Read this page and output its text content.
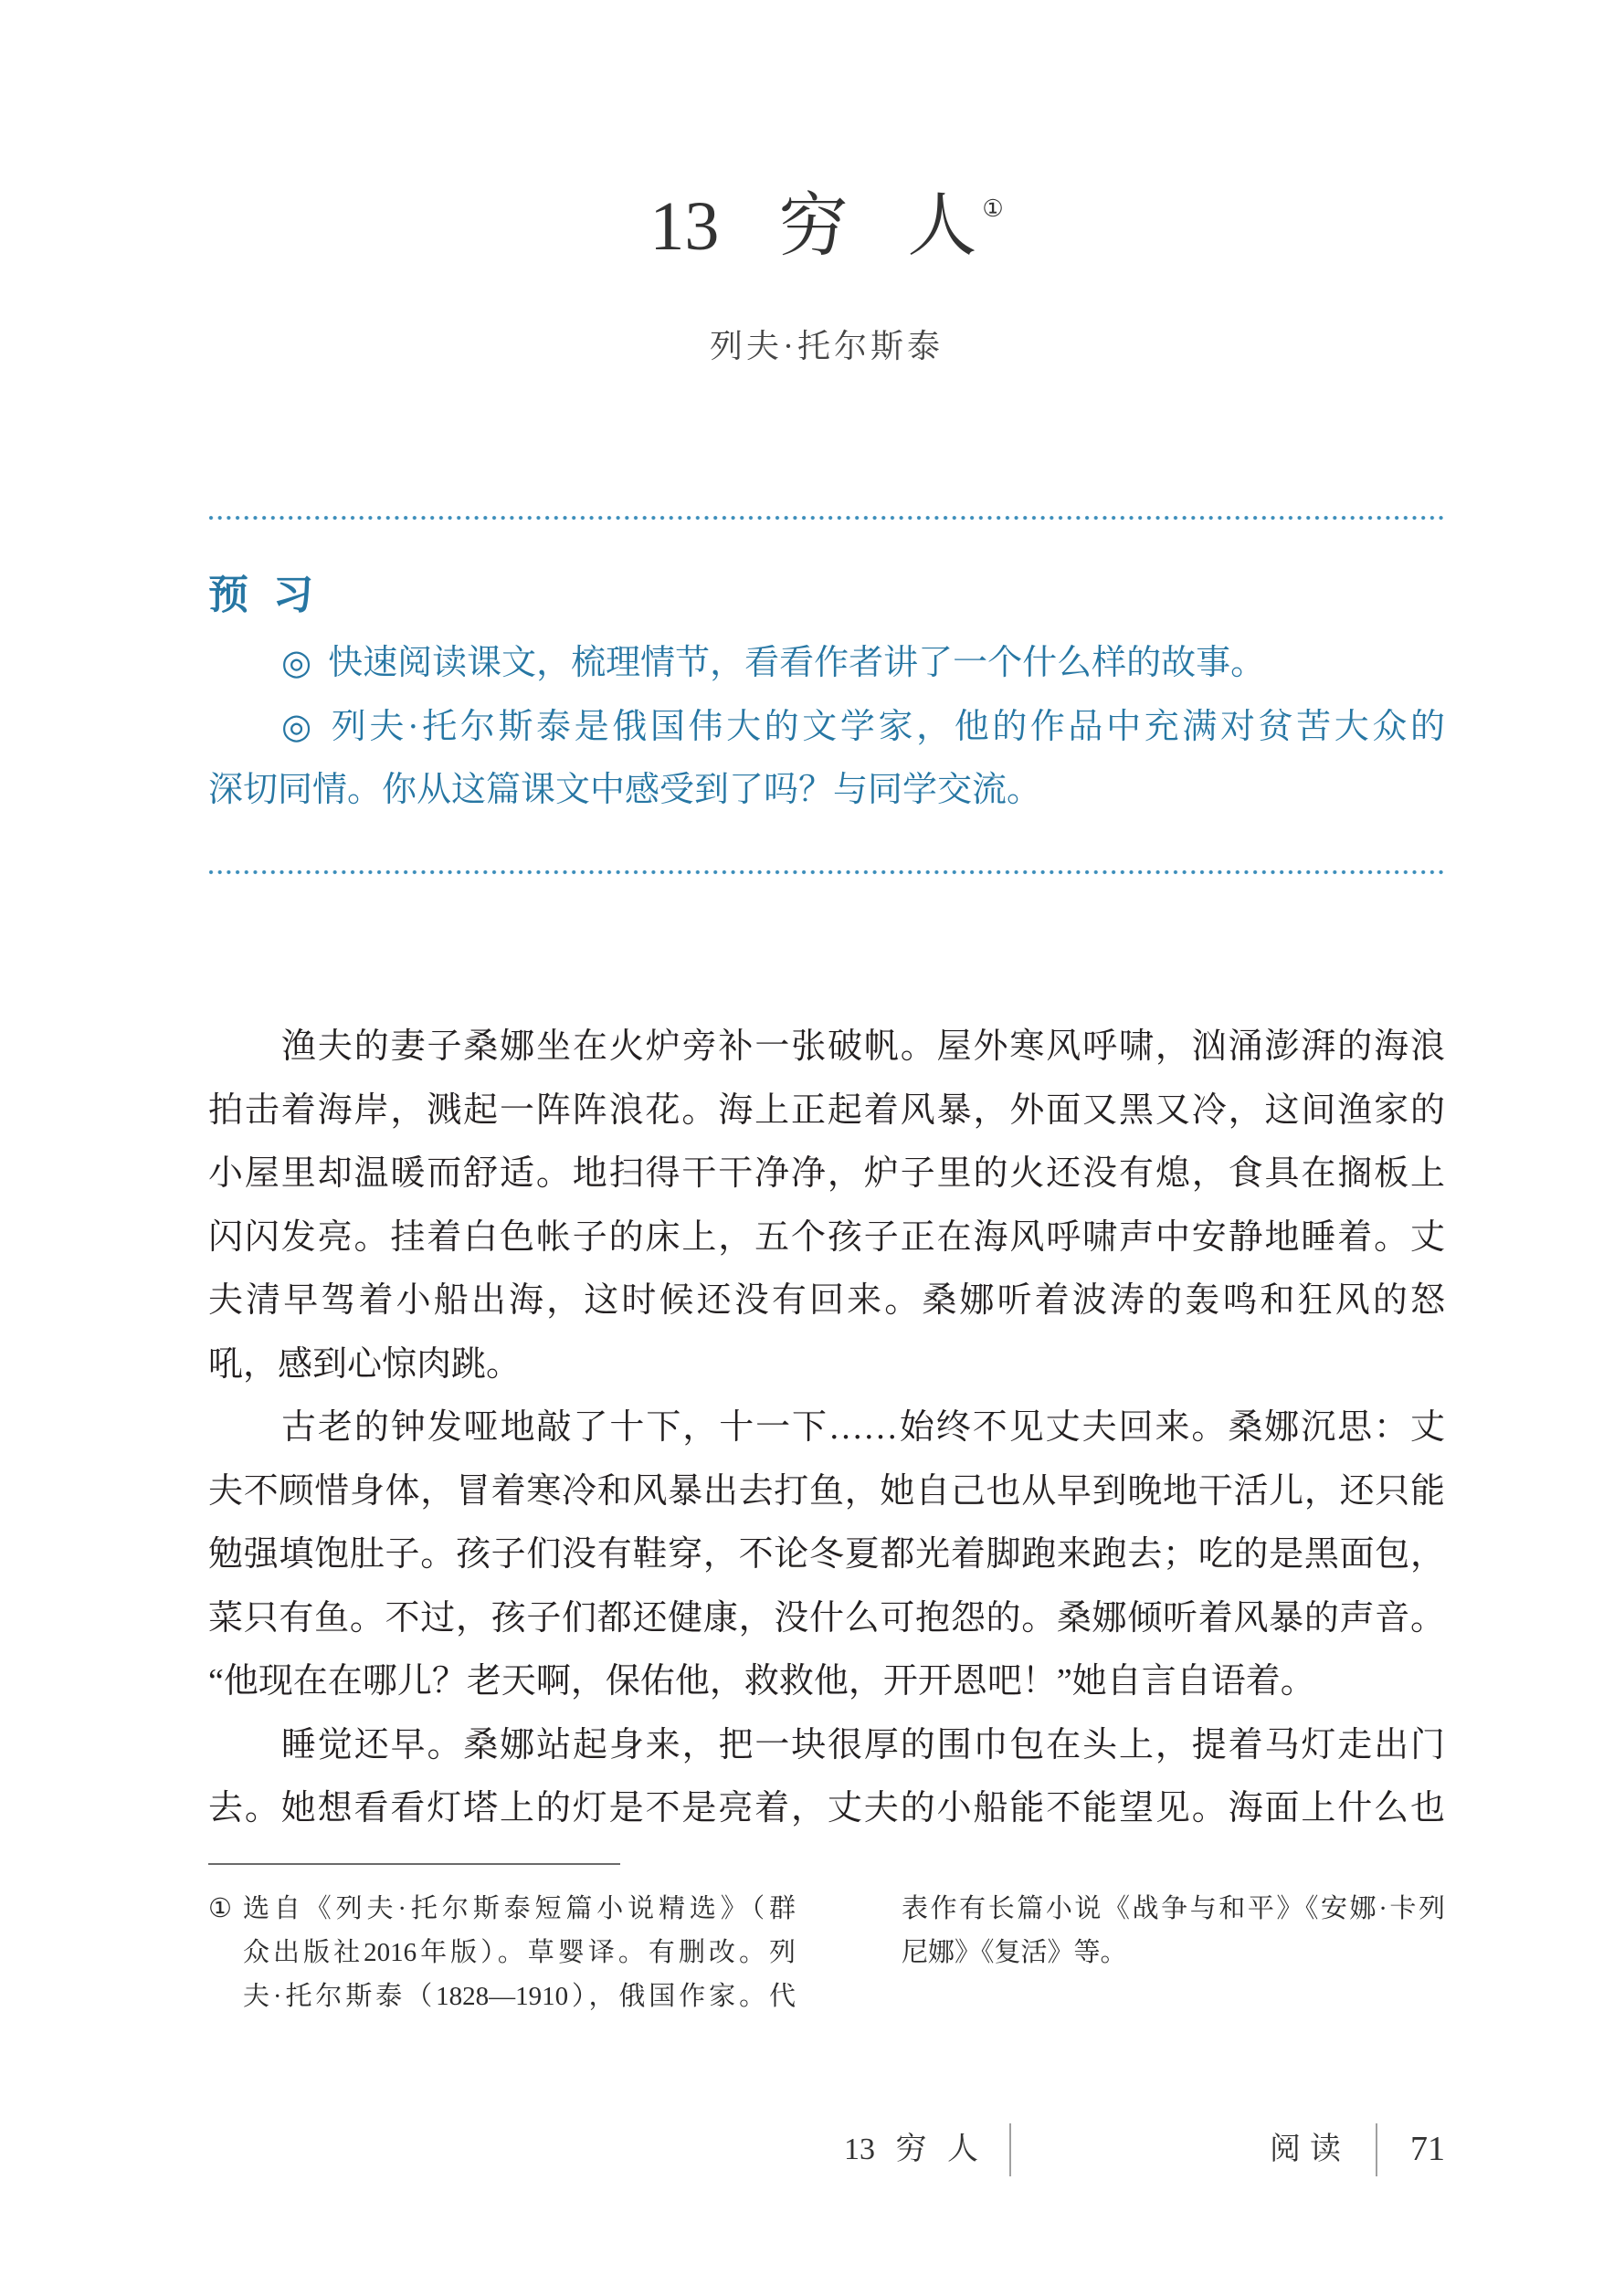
13 穷 人 ①
列夫·托尔斯泰
预 习
◎ 快速阅读课文，梳理情节，看看作者讲了一个什么样的故事。
◎ 列夫·托尔斯泰是俄国伟大的文学家，他的作品中充满对贫苦大众的
深切同情。你从这篇课文中感受到了吗？与同学交流。
渔夫的妻子桑娜坐在火炉旁补一张破帆。屋外寒风呼啸，汹涌澎湃的海浪
拍击着海岸，溅起一阵阵浪花。海上正起着风暴，外面又黑又冷，这间渔家的
小屋里却温暖而舒适。地扫得干干净净，炉子里的火还没有熄，食具在搁板上
闪闪发亮。挂着白色帐子的床上，五个孩子正在海风呼啸声中安静地睡着。丈
夫清早驾着小船出海，这时候还没有回来。桑娜听着波涛的轰鸣和狂风的怒
吼，感到心惊肉跳。
古老的钟发哑地敲了十下，十一下……始终不见丈夫回来。桑娜沉思：丈
夫不顾惜身体，冒着寒冷和风暴出去打鱼，她自己也从早到晚地干活儿，还只能
勉强填饱肚子。孩子们没有鞋穿，不论冬夏都光着脚跑来跑去；吃的是黑面包，
菜只有鱼。不过，孩子们都还健康，没什么可抱怨的。桑娜倾听着风暴的声音。
“他现在在哪儿？老天啊，保佑他，救救他，开开恩吧！”她自言自语着。
睡觉还早。桑娜站起身来，把一块很厚的围巾包在头上，提着马灯走出门
去。她想看看灯塔上的灯是不是亮着，丈夫的小船能不能望见。海面上什么也
① 选自《列夫·托尔斯泰短篇小说精选》（群
众出版社2016年版）。草婴译。有删改。列
夫·托尔斯泰（1828—1910），俄国作家。代
表作有长篇小说《战争与和平》《安娜·卡列
尼娜》《复活》等。
13 穷 人	阅读	71
